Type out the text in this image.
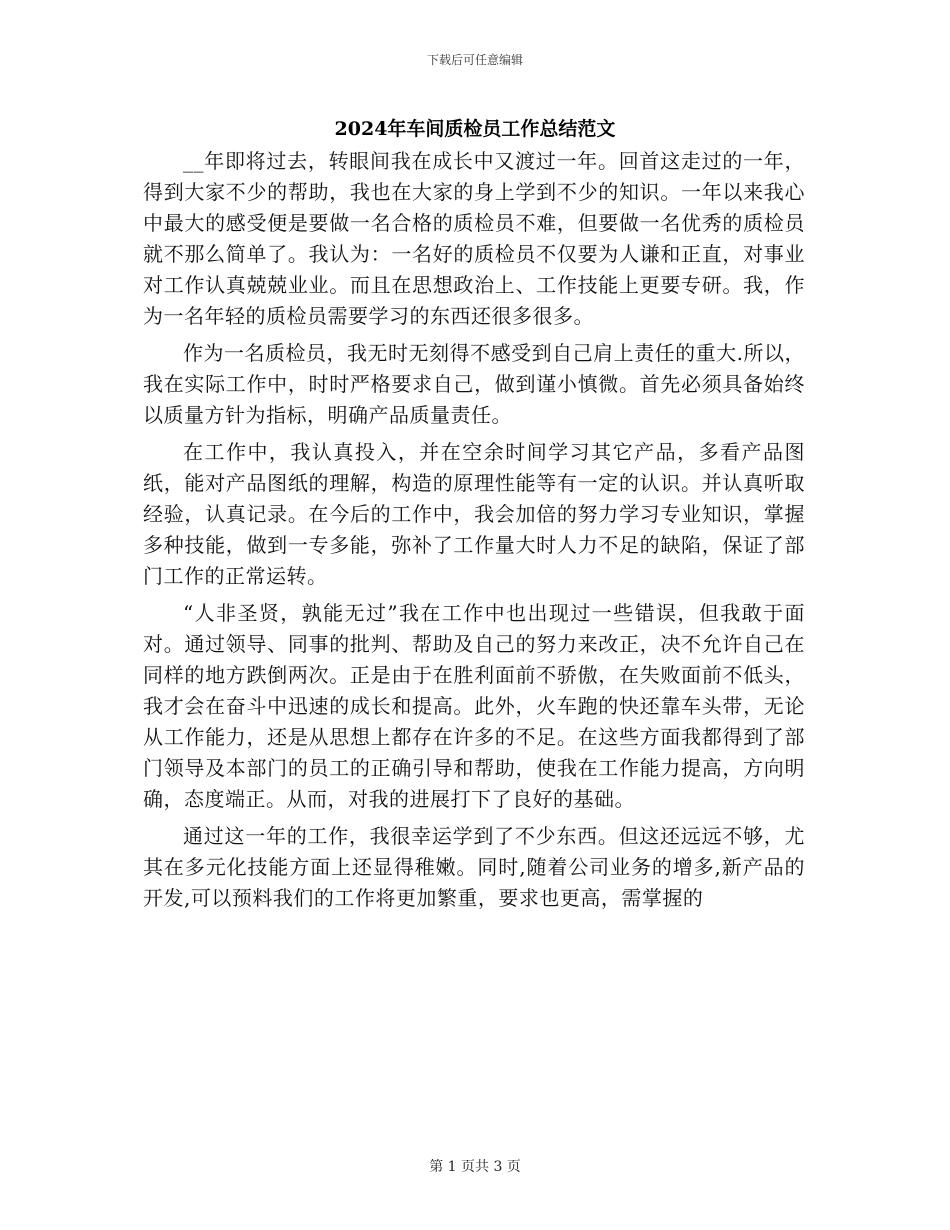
下载后可任意编辑
2024年车间质检员工作总结范文

__年即将过去，转眼间我在成长中又渡过一年。回首这走过的一年，得到大家不少的帮助，我也在大家的身上学到不少的知识。一年以来我心中最大的感受便是要做一名合格的质检员不难，但要做一名优秀的质检员就不那么简单了。我认为：一名好的质检员不仅要为人谦和正直，对事业对工作认真兢兢业业。而且在思想政治上、工作技能上更要专研。我，作为一名年轻的质检员需要学习的东西还很多很多。

作为一名质检员，我无时无刻得不感受到自己肩上责任的重大.所以，我在实际工作中，时时严格要求自己，做到谨小慎微。首先必须具备始终以质量方针为指标，明确产品质量责任。

在工作中，我认真投入，并在空余时间学习其它产品，多看产品图纸，能对产品图纸的理解，构造的原理性能等有一定的认识。并认真听取经验，认真记录。在今后的工作中，我会加倍的努力学习专业知识，掌握多种技能，做到一专多能，弥补了工作量大时人力不足的缺陷，保证了部门工作的正常运转。

“人非圣贤，孰能无过”我在工作中也出现过一些错误，但我敢于面对。通过领导、同事的批判、帮助及自己的努力来改正，决不允许自己在同样的地方跌倒两次。正是由于在胜利面前不骄傲，在失败面前不低头，我才会在奋斗中迅速的成长和提高。此外，火车跑的快还靠车头带，无论从工作能力，还是从思想上都存在许多的不足。在这些方面我都得到了部门领导及本部门的员工的正确引导和帮助，使我在工作能力提高，方向明确，态度端正。从而，对我的进展打下了良好的基础。

通过这一年的工作，我很幸运学到了不少东西。但这还远远不够，尤其在多元化技能方面上还显得稚嫩。同时,随着公司业务的增多,新产品的开发,可以预料我们的工作将更加繁重，要求也更高，需掌握的

第 1 页共 3 页
